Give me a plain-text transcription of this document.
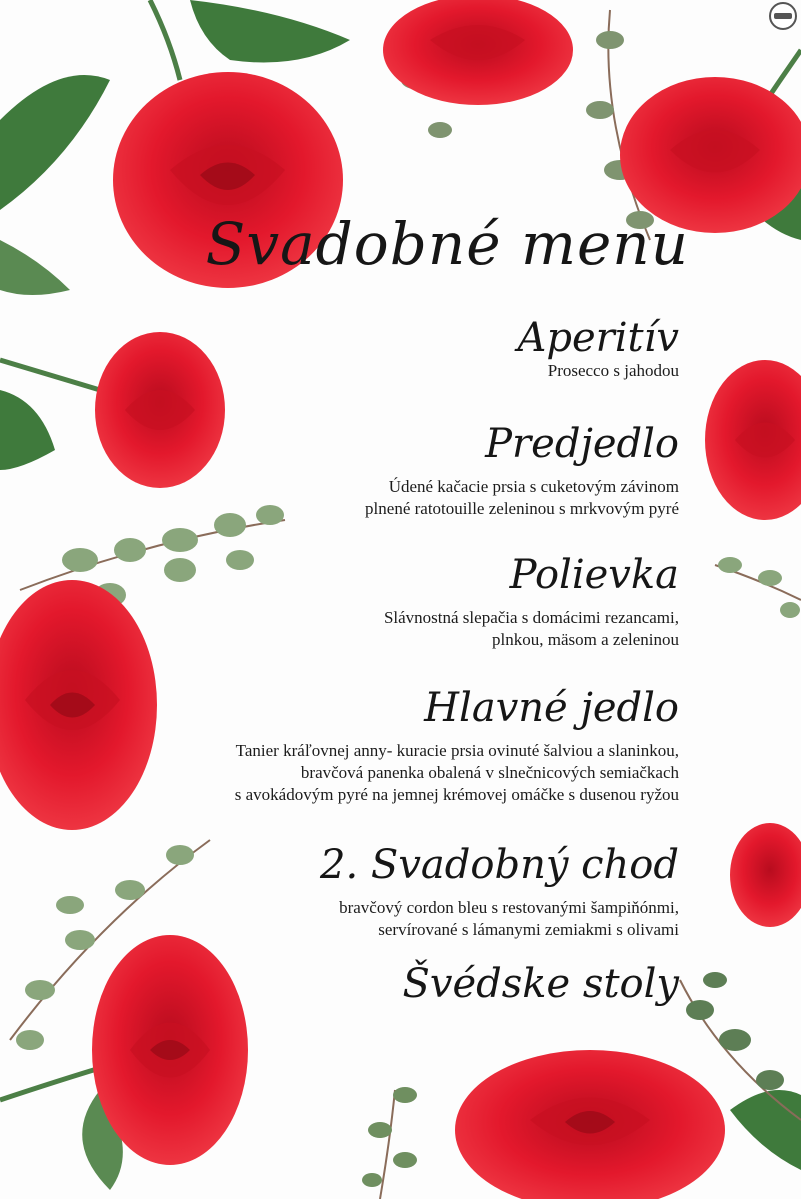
Svadobné menu
Aperitív
Prosecco s jahodou
Predjedlo
Údené kačacie prsia s cuketovým závinom
plnené ratotouille zeleninou s mrkvovým pyré
Polievka
Slávnostná slepačia s domácimi rezancami,
plnkou, mäsom a zeleninou
Hlavné jedlo
Tanier kráľovnej anny- kuracie prsia ovinuté šalviou a slaninkou,
bravčová panenka obalená v slnečnicových semiačkach
s avokádovým pyré na jemnej krémovej omáčke s dusenou ryžou
2. Svadobný chod
bravčový cordon bleu s restovanými šampiňónmi,
servírované s lámanymi zemiakmi s olivami
Švédske stoly
